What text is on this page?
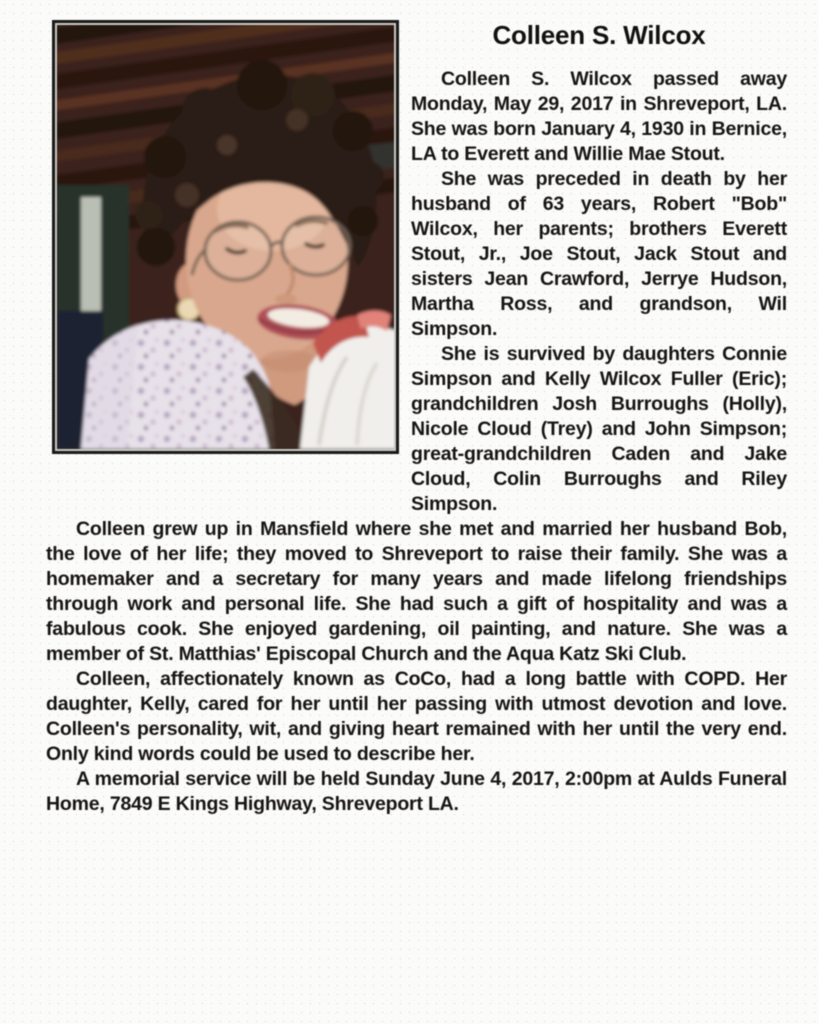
Colleen S. Wilcox

Colleen S. Wilcox passed away Monday, May 29, 2017 in Shreveport, LA. She was born January 4, 1930 in Bernice, LA to Everett and Willie Mae Stout.

She was preceded in death by her husband of 63 years, Robert "Bob" Wilcox, her parents; brothers Everett Stout, Jr., Joe Stout, Jack Stout and sisters Jean Crawford, Jerrye Hudson, Martha Ross, and grandson, Wil Simpson.

She is survived by daughters Connie Simpson and Kelly Wilcox Fuller (Eric); grandchildren Josh Burroughs (Holly), Nicole Cloud (Trey) and John Simpson; great-grandchildren Caden and Jake Cloud, Colin Burroughs and Riley Simpson.

Colleen grew up in Mansfield where she met and married her husband Bob, the love of her life; they moved to Shreveport to raise their family. She was a homemaker and a secretary for many years and made lifelong friendships through work and personal life. She had such a gift of hospitality and was a fabulous cook. She enjoyed gardening, oil painting, and nature. She was a member of St. Matthias' Episcopal Church and the Aqua Katz Ski Club.

Colleen, affectionately known as CoCo, had a long battle with COPD. Her daughter, Kelly, cared for her until her passing with utmost devotion and love. Colleen's personality, wit, and giving heart remained with her until the very end. Only kind words could be used to describe her.

A memorial service will be held Sunday June 4, 2017, 2:00pm at Aulds Funeral Home, 7849 E Kings Highway, Shreveport LA.
